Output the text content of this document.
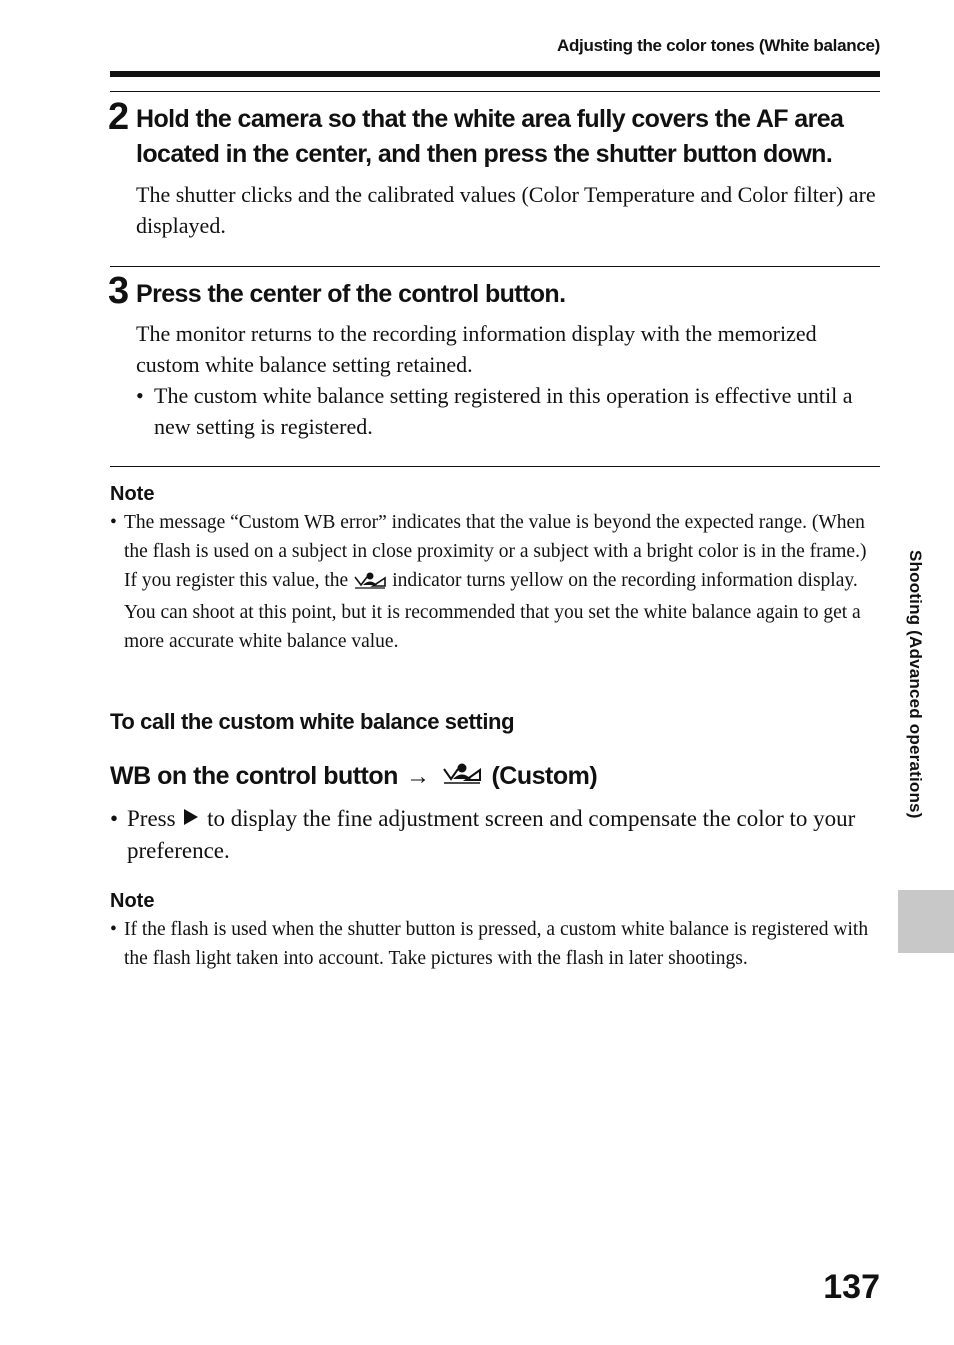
Adjusting the color tones (White balance)
2 Hold the camera so that the white area fully covers the AF area located in the center, and then press the shutter button down.
The shutter clicks and the calibrated values (Color Temperature and Color filter) are displayed.
3 Press the center of the control button.
The monitor returns to the recording information display with the memorized custom white balance setting retained.
• The custom white balance setting registered in this operation is effective until a new setting is registered.
Note
• The message “Custom WB error” indicates that the value is beyond the expected range. (When the flash is used on a subject in close proximity or a subject with a bright color is in the frame.) If you register this value, the indicator turns yellow on the recording information display. You can shoot at this point, but it is recommended that you set the white balance again to get a more accurate white balance value.
To call the custom white balance setting
WB on the control button → (Custom)
• Press to display the fine adjustment screen and compensate the color to your preference.
Note
• If the flash is used when the shutter button is pressed, a custom white balance is registered with the flash light taken into account. Take pictures with the flash in later shootings.
Shooting (Advanced operations)
137
